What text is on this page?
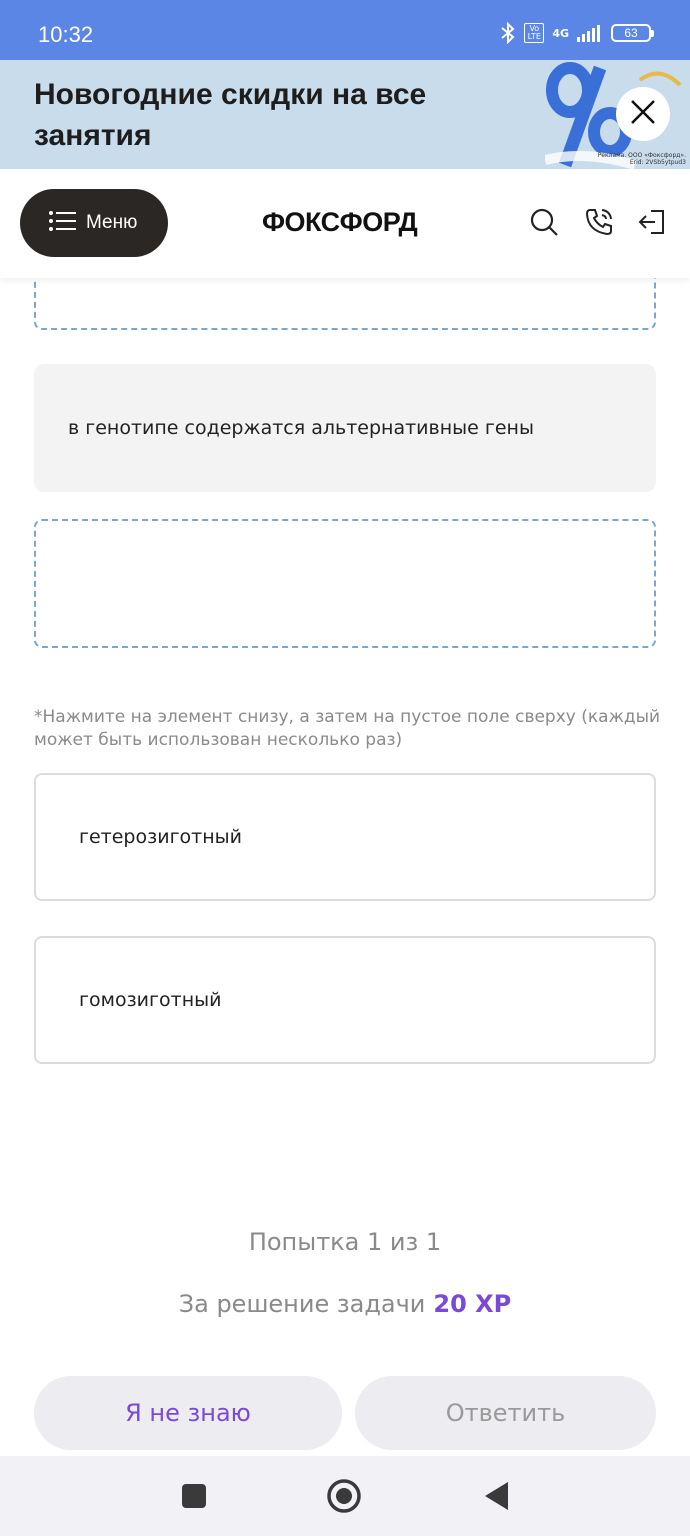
10:32	Vo LTE	4G	63
Новогодние скидки на все занятия
Реклама. ООО «Фоксфорд». Erid: 2VSb5ytpud3
Меню	ФОКСФОРД
в генотипе содержатся альтернативные гены
*Нажмите на элемент снизу, а затем на пустое поле сверху (каждый может быть использован несколько раз)
гетерозиготный
гомозиготный
Попытка 1 из 1
За решение задачи 20 XP
Я не знаю	Ответить
